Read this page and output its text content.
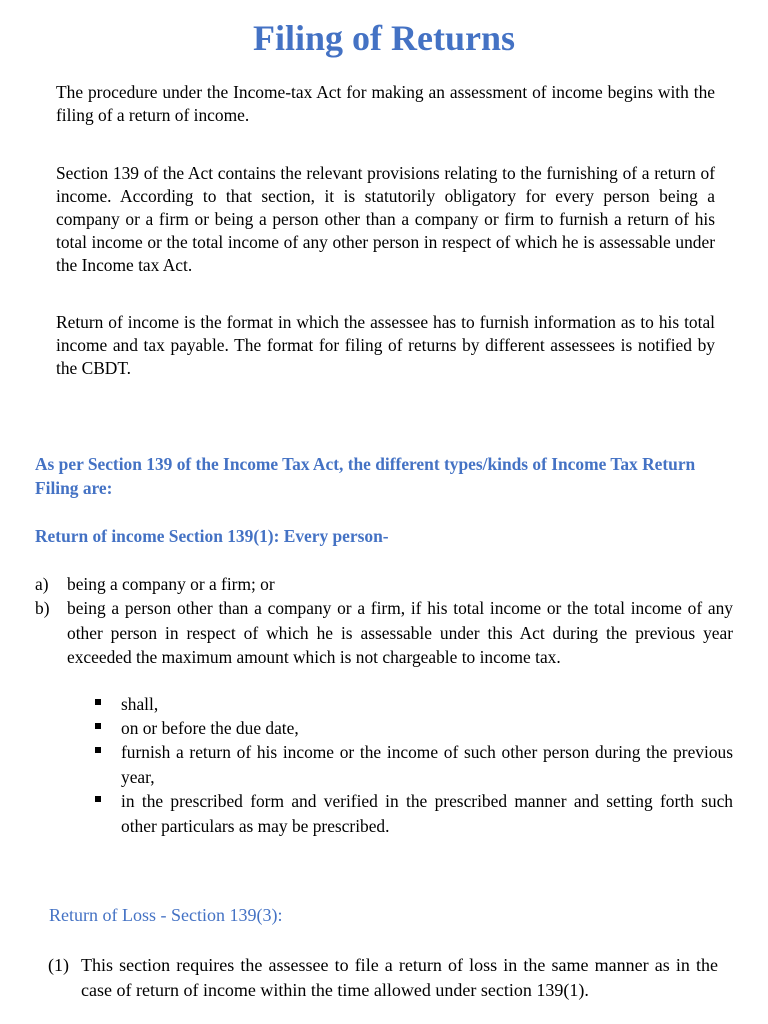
Filing of Returns
The procedure under the Income-tax Act for making an assessment of income begins with the filing of a return of income.
Section 139 of the Act contains the relevant provisions relating to the furnishing of a return of income. According to that section, it is statutorily obligatory for every person being a company or a firm or being a person other than a company or firm to furnish a return of his total income or the total income of any other person in respect of which he is assessable under the Income tax Act.
Return of income is the format in which the assessee has to furnish information as to his total income and tax payable. The format for filing of returns by different assessees is notified by the CBDT.
As per Section 139 of the Income Tax Act, the different types/kinds of Income Tax Return Filing are:
Return of income Section 139(1): Every person-
a) being a company or a firm; or
b) being a person other than a company or a firm, if his total income or the total income of any other person in respect of which he is assessable under this Act during the previous year exceeded the maximum amount which is not chargeable to income tax.
shall,
on or before the due date,
furnish a return of his income or the income of such other person during the previous year,
in the prescribed form and verified in the prescribed manner and setting forth such other particulars as may be prescribed.
Return of Loss - Section 139(3):
(1) This section requires the assessee to file a return of loss in the same manner as in the case of return of income within the time allowed under section 139(1).
